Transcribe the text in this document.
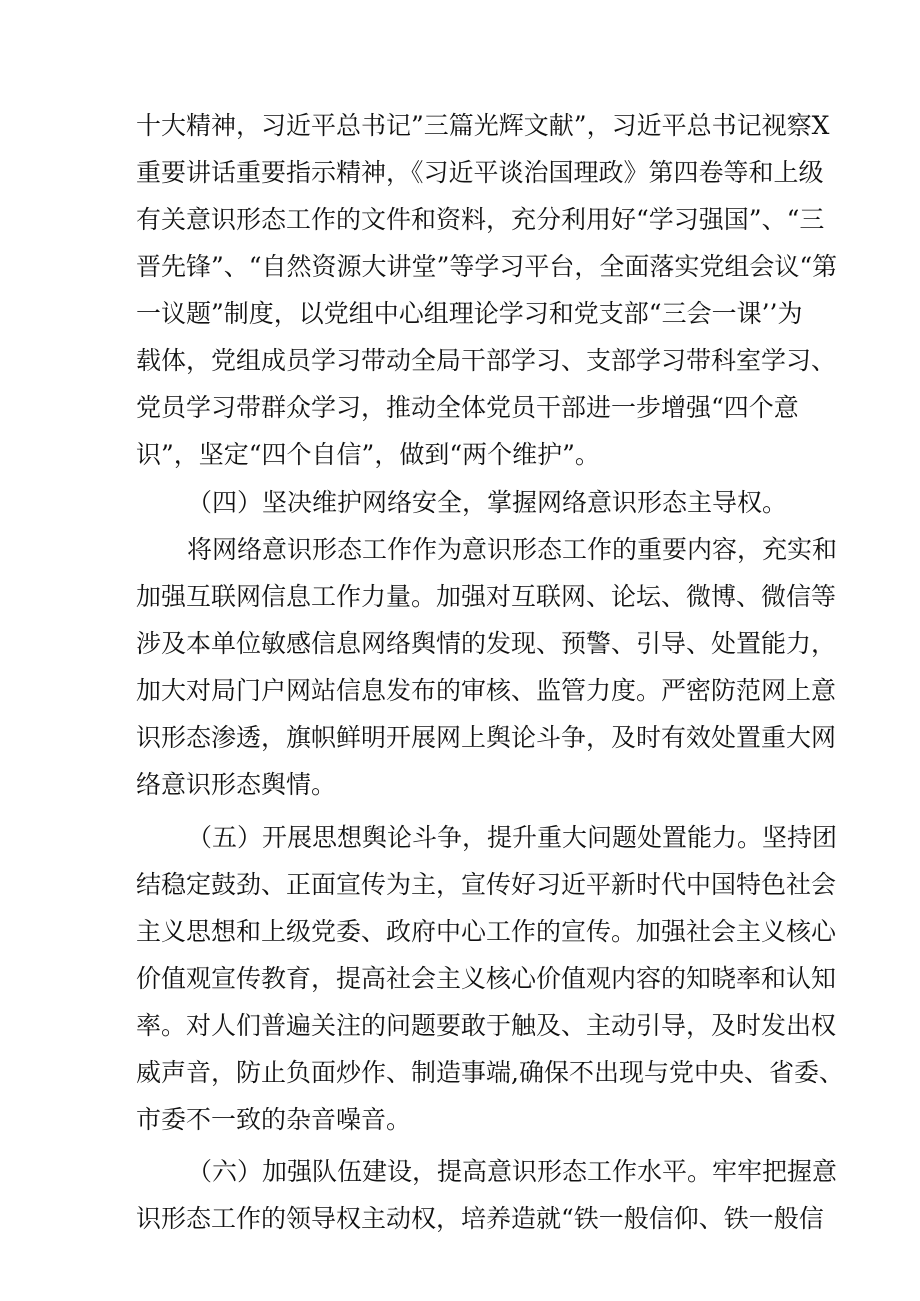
十大精神，习近平总书记”三篇光辉文献”，习近平总书记视察X

重要讲话重要指示精神，《习近平谈治国理政》第四卷等和上级

有关意识形态工作的文件和资料，充分利用好“学习强国”、“三

晋先锋”、“自然资源大讲堂”等学习平台，全面落实党组会议“第

一议题”制度，以党组中心组理论学习和党支部“三会一课’’为

载体，党组成员学习带动全局干部学习、支部学习带科室学习、

党员学习带群众学习，推动全体党员干部进一步增强“四个意

识”，坚定“四个自信”，做到“两个维护”。

（四）坚决维护网络安全，掌握网络意识形态主导权。

将网络意识形态工作作为意识形态工作的重要内容，充实和

加强互联网信息工作力量。加强对互联网、论坛、微博、微信等

涉及本单位敏感信息网络舆情的发现、预警、引导、处置能力，

加大对局门户网站信息发布的审核、监管力度。严密防范网上意

识形态渗透，旗帜鲜明开展网上舆论斗争，及时有效处置重大网

络意识形态舆情。

（五）开展思想舆论斗争，提升重大问题处置能力。坚持团

结稳定鼓劲、正面宣传为主，宣传好习近平新时代中国特色社会

主义思想和上级党委、政府中心工作的宣传。加强社会主义核心

价值观宣传教育，提高社会主义核心价值观内容的知晓率和认知

率。对人们普遍关注的问题要敢于触及、主动引导，及时发出权

威声音，防止负面炒作、制造事端,确保不出现与党中央、省委、

市委不一致的杂音噪音。

（六）加强队伍建设，提高意识形态工作水平。牢牢把握意

识形态工作的领导权主动权，培养造就“铁一般信仰、铁一般信
